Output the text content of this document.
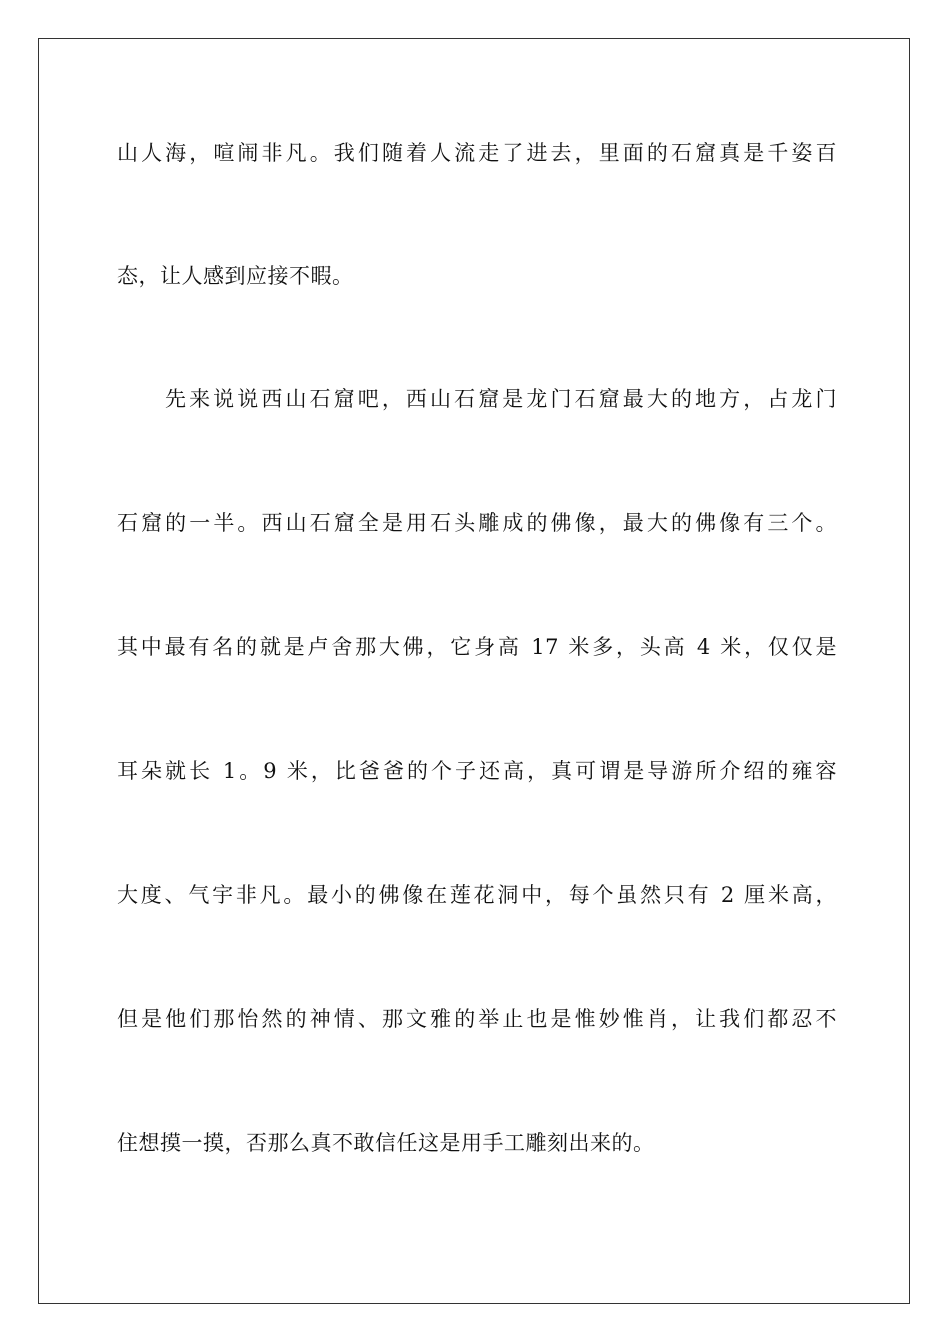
山人海，喧闹非凡。我们随着人流走了进去，里面的石窟真是千姿百
态，让人感到应接不暇。
先来说说西山石窟吧，西山石窟是龙门石窟最大的地方，占龙门
石窟的一半。西山石窟全是用石头雕成的佛像，最大的佛像有三个。
其中最有名的就是卢舍那大佛，它身高 17 米多，头高 4 米，仅仅是
耳朵就长 1。9 米，比爸爸的个子还高，真可谓是导游所介绍的雍容
大度、气宇非凡。最小的佛像在莲花洞中，每个虽然只有 2 厘米高，
但是他们那怡然的神情、那文雅的举止也是惟妙惟肖，让我们都忍不
住想摸一摸，否那么真不敢信任这是用手工雕刻出来的。
